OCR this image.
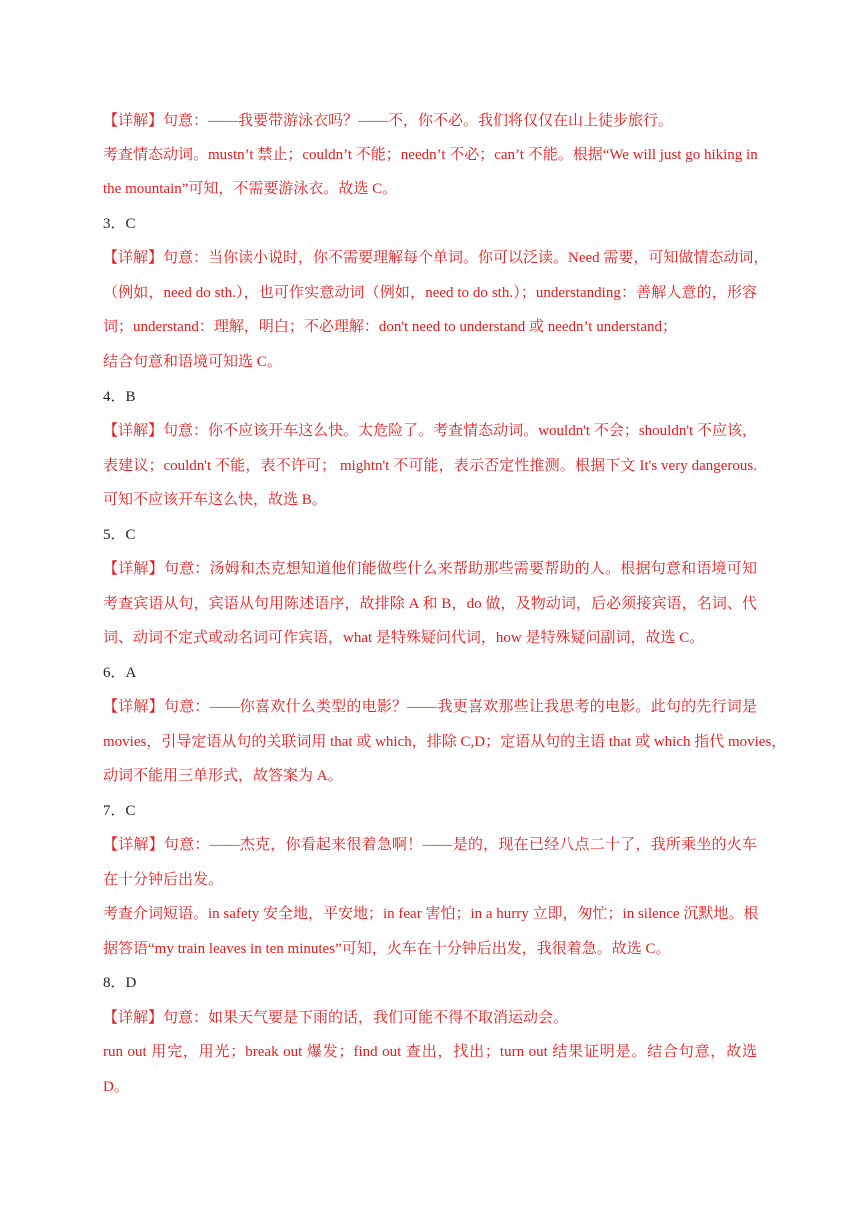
【详解】句意：——我要带游泳衣吗？——不，你不必。我们将仅仅在山上徒步旅行。
考查情态动词。mustn’t 禁止；couldn’t 不能；needn’t 不必；can’t 不能。根据“We will just go hiking in
the mountain”可知，不需要游泳衣。故选 C。
3．C
【详解】句意：当你读小说时，你不需要理解每个单词。你可以泛读。Need 需要，可知做情态动词，
（例如，need do sth.），也可作实意动词（例如，need to do sth.）；understanding：善解人意的，形容
词；understand：理解，明白；不必理解：don't need to understand 或 needn’t understand；
结合句意和语境可知选 C。
4．B
【详解】句意：你不应该开车这么快。太危险了。考查情态动词。wouldn't 不会；shouldn't 不应该，
表建议；couldn't 不能，表不许可； mightn't 不可能，表示否定性推测。根据下文 It's very dangerous.
可知不应该开车这么快，故选 B。
5．C
【详解】句意：汤姆和杰克想知道他们能做些什么来帮助那些需要帮助的人。根据句意和语境可知
考查宾语从句，宾语从句用陈述语序，故排除 A 和 B，do 做，及物动词，后必须接宾语，名词、代
词、动词不定式或动名词可作宾语，what 是特殊疑问代词，how 是特殊疑问副词，故选 C。
6．A
【详解】句意：——你喜欢什么类型的电影？——我更喜欢那些让我思考的电影。此句的先行词是
movies，引导定语从句的关联词用 that 或 which，排除 C,D；定语从句的主语 that 或 which 指代 movies，
动词不能用三单形式，故答案为 A。
7．C
【详解】句意：——杰克，你看起来很着急啊！——是的，现在已经八点二十了，我所乘坐的火车
在十分钟后出发。
考查介词短语。in safety 安全地，平安地；in fear 害怕；in a hurry 立即，匆忙；in silence 沉默地。根
据答语“my train leaves in ten minutes”可知，火车在十分钟后出发，我很着急。故选 C。
8．D
【详解】句意：如果天气要是下雨的话，我们可能不得不取消运动会。
run out 用完，用光；break out 爆发；find out 查出，找出；turn out 结果证明是。结合句意，故选
D。
